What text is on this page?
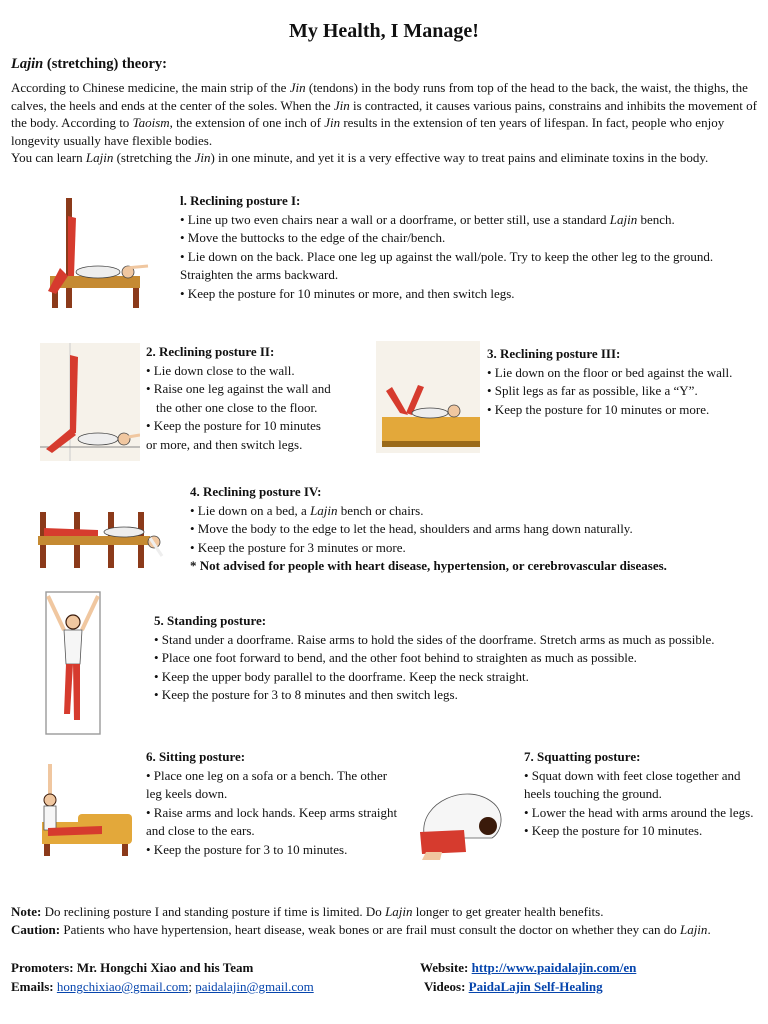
My Health, I Manage!
Lajin (stretching) theory:
According to Chinese medicine, the main strip of the Jin (tendons) in the body runs from top of the head to the back, the waist, the thighs, the calves, the heels and ends at the center of the soles. When the Jin is contracted, it causes various pains, constrains and inhibits the movement of the body. According to Taoism, the extension of one inch of Jin results in the extension of ten years of lifespan. In fact, people who enjoy longevity usually have flexible bodies.
You can learn Lajin (stretching the Jin) in one minute, and yet it is a very effective way to treat pains and eliminate toxins in the body.
l. Reclining posture I:
• Line up two even chairs near a wall or a doorframe, or better still, use a standard Lajin bench.
• Move the buttocks to the edge of the chair/bench.
• Lie down on the back. Place one leg up against the wall/pole. Try to keep the other leg to the ground. Straighten the arms backward.
• Keep the posture for 10 minutes or more, and then switch legs.
2. Reclining posture II:
• Lie down close to the wall.
• Raise one leg against the wall and
the other one close to the floor.
• Keep the posture for 10 minutes
or more, and then switch legs.
3. Reclining posture III:
• Lie down on the floor or bed against the wall.
• Split legs as far as possible, like a “Y”.
• Keep the posture for 10 minutes or more.
4. Reclining posture IV:
• Lie down on a bed, a Lajin bench or chairs.
• Move the body to the edge to let the head, shoulders and arms hang down naturally.
• Keep the posture for 3 minutes or more.
* Not advised for people with heart disease, hypertension, or cerebrovascular diseases.
5. Standing posture:
• Stand under a doorframe. Raise arms to hold the sides of the doorframe. Stretch arms as much as possible.
• Place one foot forward to bend, and the other foot behind to straighten as much as possible.
• Keep the upper body parallel to the doorframe. Keep the neck straight.
• Keep the posture for 3 to 8 minutes and then switch legs.
6. Sitting posture:
• Place one leg on a sofa or a bench. The other leg keels down.
• Raise arms and lock hands. Keep arms straight and close to the ears.
• Keep the posture for 3 to 10 minutes.
7. Squatting posture:
• Squat down with feet close together and heels touching the ground.
• Lower the head with arms around the legs.
• Keep the posture for 10 minutes.
Note: Do reclining posture I and standing posture if time is limited. Do Lajin longer to get greater health benefits.
Caution: Patients who have hypertension, heart disease, weak bones or are frail must consult the doctor on whether they can do Lajin.
Promoters: Mr. Hongchi Xiao and his Team	Website: http://www.paidalajin.com/en
Emails: hongchixiao@gmail.com; paidalajin@gmail.com	Videos: PaidaLajin Self-Healing
